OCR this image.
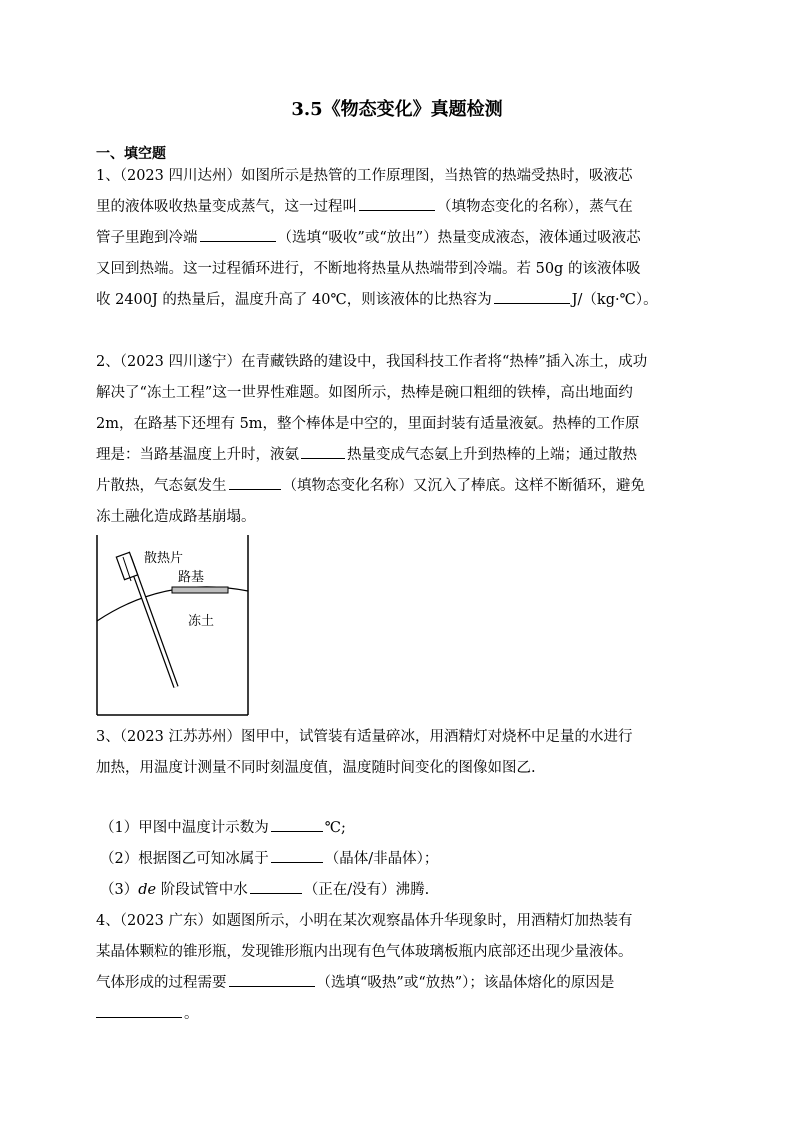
3.5《物态变化》真题检测
一、填空题
1、（2023 四川达州）如图所示是热管的工作原理图，当热管的热端受热时，吸液芯
里的液体吸收热量变成蒸气，这一过程叫	（填物态变化的名称），蒸气在
管子里跑到冷端	（选填“吸收”或“放出”）热量变成液态，液体通过吸液芯
又回到热端。这一过程循环进行，不断地将热量从热端带到冷端。若 50g 的该液体吸
收 2400J 的热量后，温度升高了 40℃，则该液体的比热容为	J/（kg·℃）。
2、（2023 四川遂宁）在青藏铁路的建设中，我国科技工作者将“热棒”插入冻土，成功
解决了“冻土工程”这一世界性难题。如图所示，热棒是碗口粗细的铁棒，高出地面约
2m，在路基下还埋有 5m，整个棒体是中空的，里面封装有适量液氨。热棒的工作原
理是：当路基温度上升时，液氨	热量变成气态氨上升到热棒的上端；通过散热
片散热，气态氨发生	（填物态变化名称）又沉入了棒底。这样不断循环，避免
冻土融化造成路基崩塌。
散热片
路基
冻土
3、（2023 江苏苏州）图甲中，试管装有适量碎冰，用酒精灯对烧杯中足量的水进行
加热，用温度计测量不同时刻温度值，温度随时间变化的图像如图乙.
（1）甲图中温度计示数为	℃;
（2）根据图乙可知冰属于	（晶体/非晶体）；
（3）de 阶段试管中水	（正在/没有）沸腾.
4、（2023 广东）如题图所示，小明在某次观察晶体升华现象时，用酒精灯加热装有
某晶体颗粒的锥形瓶，发现锥形瓶内出现有色气体玻璃板瓶内底部还出现少量液体。
气体形成的过程需要	（选填“吸热”或“放热”）；该晶体熔化的原因是
。
